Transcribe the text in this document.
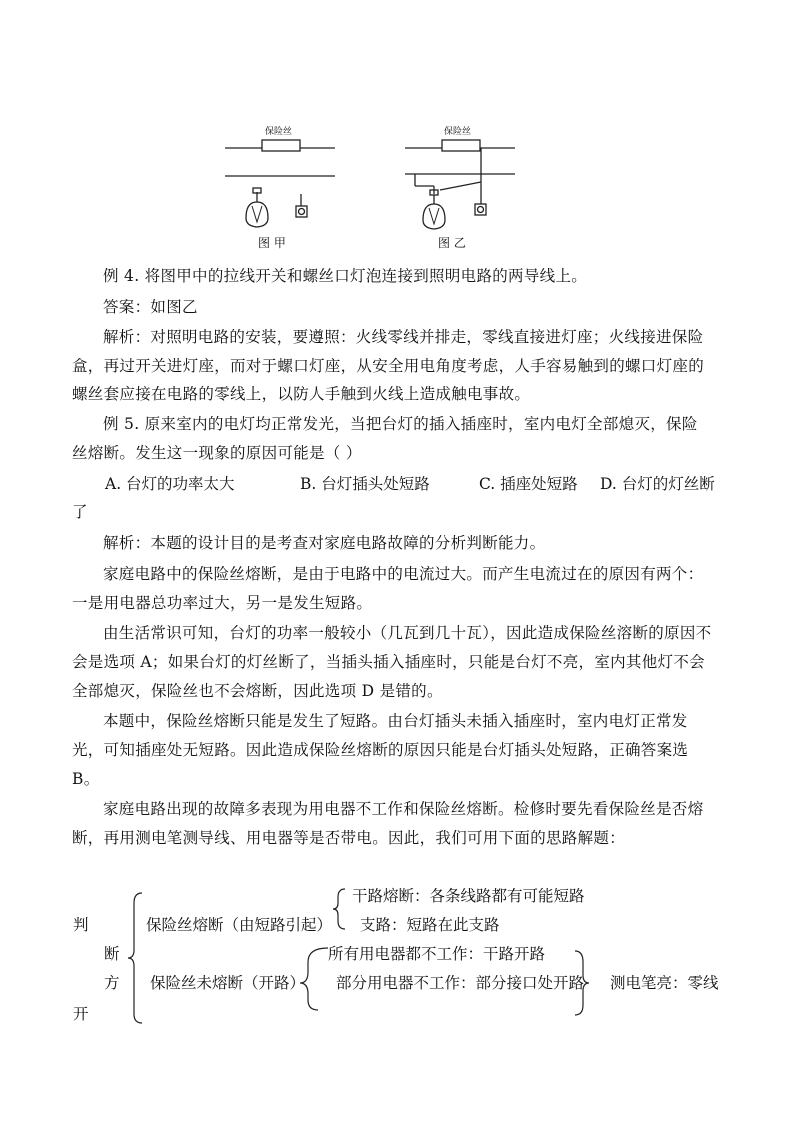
保险丝
图 甲
保险丝
图 乙
例 4. 将图甲中的拉线开关和螺丝口灯泡连接到照明电路的两导线上。
答案：如图乙
解析：对照明电路的安装，要遵照：火线零线并排走，零线直接进灯座；火线接进保险
盒，再过开关进灯座，而对于螺口灯座，从安全用电角度考虑，人手容易触到的螺口灯座的
螺丝套应接在电路的零线上，以防人手触到火线上造成触电事故。
例 5. 原来室内的电灯均正常发光，当把台灯的插入插座时，室内电灯全部熄灭，保险
丝熔断。发生这一现象的原因可能是（ ）
A. 台灯的功率太大	B. 台灯插头处短路	C. 插座处短路 D. 台灯的灯丝断
了
解析：本题的设计目的是考查对家庭电路故障的分析判断能力。
家庭电路中的保险丝熔断，是由于电路中的电流过大。而产生电流过在的原因有两个：
一是用电器总功率过大，另一是发生短路。
由生活常识可知，台灯的功率一般较小（几瓦到几十瓦），因此造成保险丝溶断的原因不
会是选项 A；如果台灯的灯丝断了，当插头插入插座时，只能是台灯不亮，室内其他灯不会
全部熄灭，保险丝也不会熔断，因此选项 D 是错的。
本题中，保险丝熔断只能是发生了短路。由台灯插头未插入插座时，室内电灯正常发
光，可知插座处无短路。因此造成保险丝熔断的原因只能是台灯插头处短路，正确答案选
B。
家庭电路出现的故障多表现为用电器不工作和保险丝熔断。检修时要先看保险丝是否熔
断，再用测电笔测导线、用电器等是否带电。因此，我们可用下面的思路解题：
判
断
方
开
保险丝熔断（由短路引起）
干路熔断：各条线路都有可能短路
支路：短路在此支路
保险丝未熔断（开路）
所有用电器都不工作：干路开路
部分用电器不工作：部分接口处开路 测电笔亮：零线
